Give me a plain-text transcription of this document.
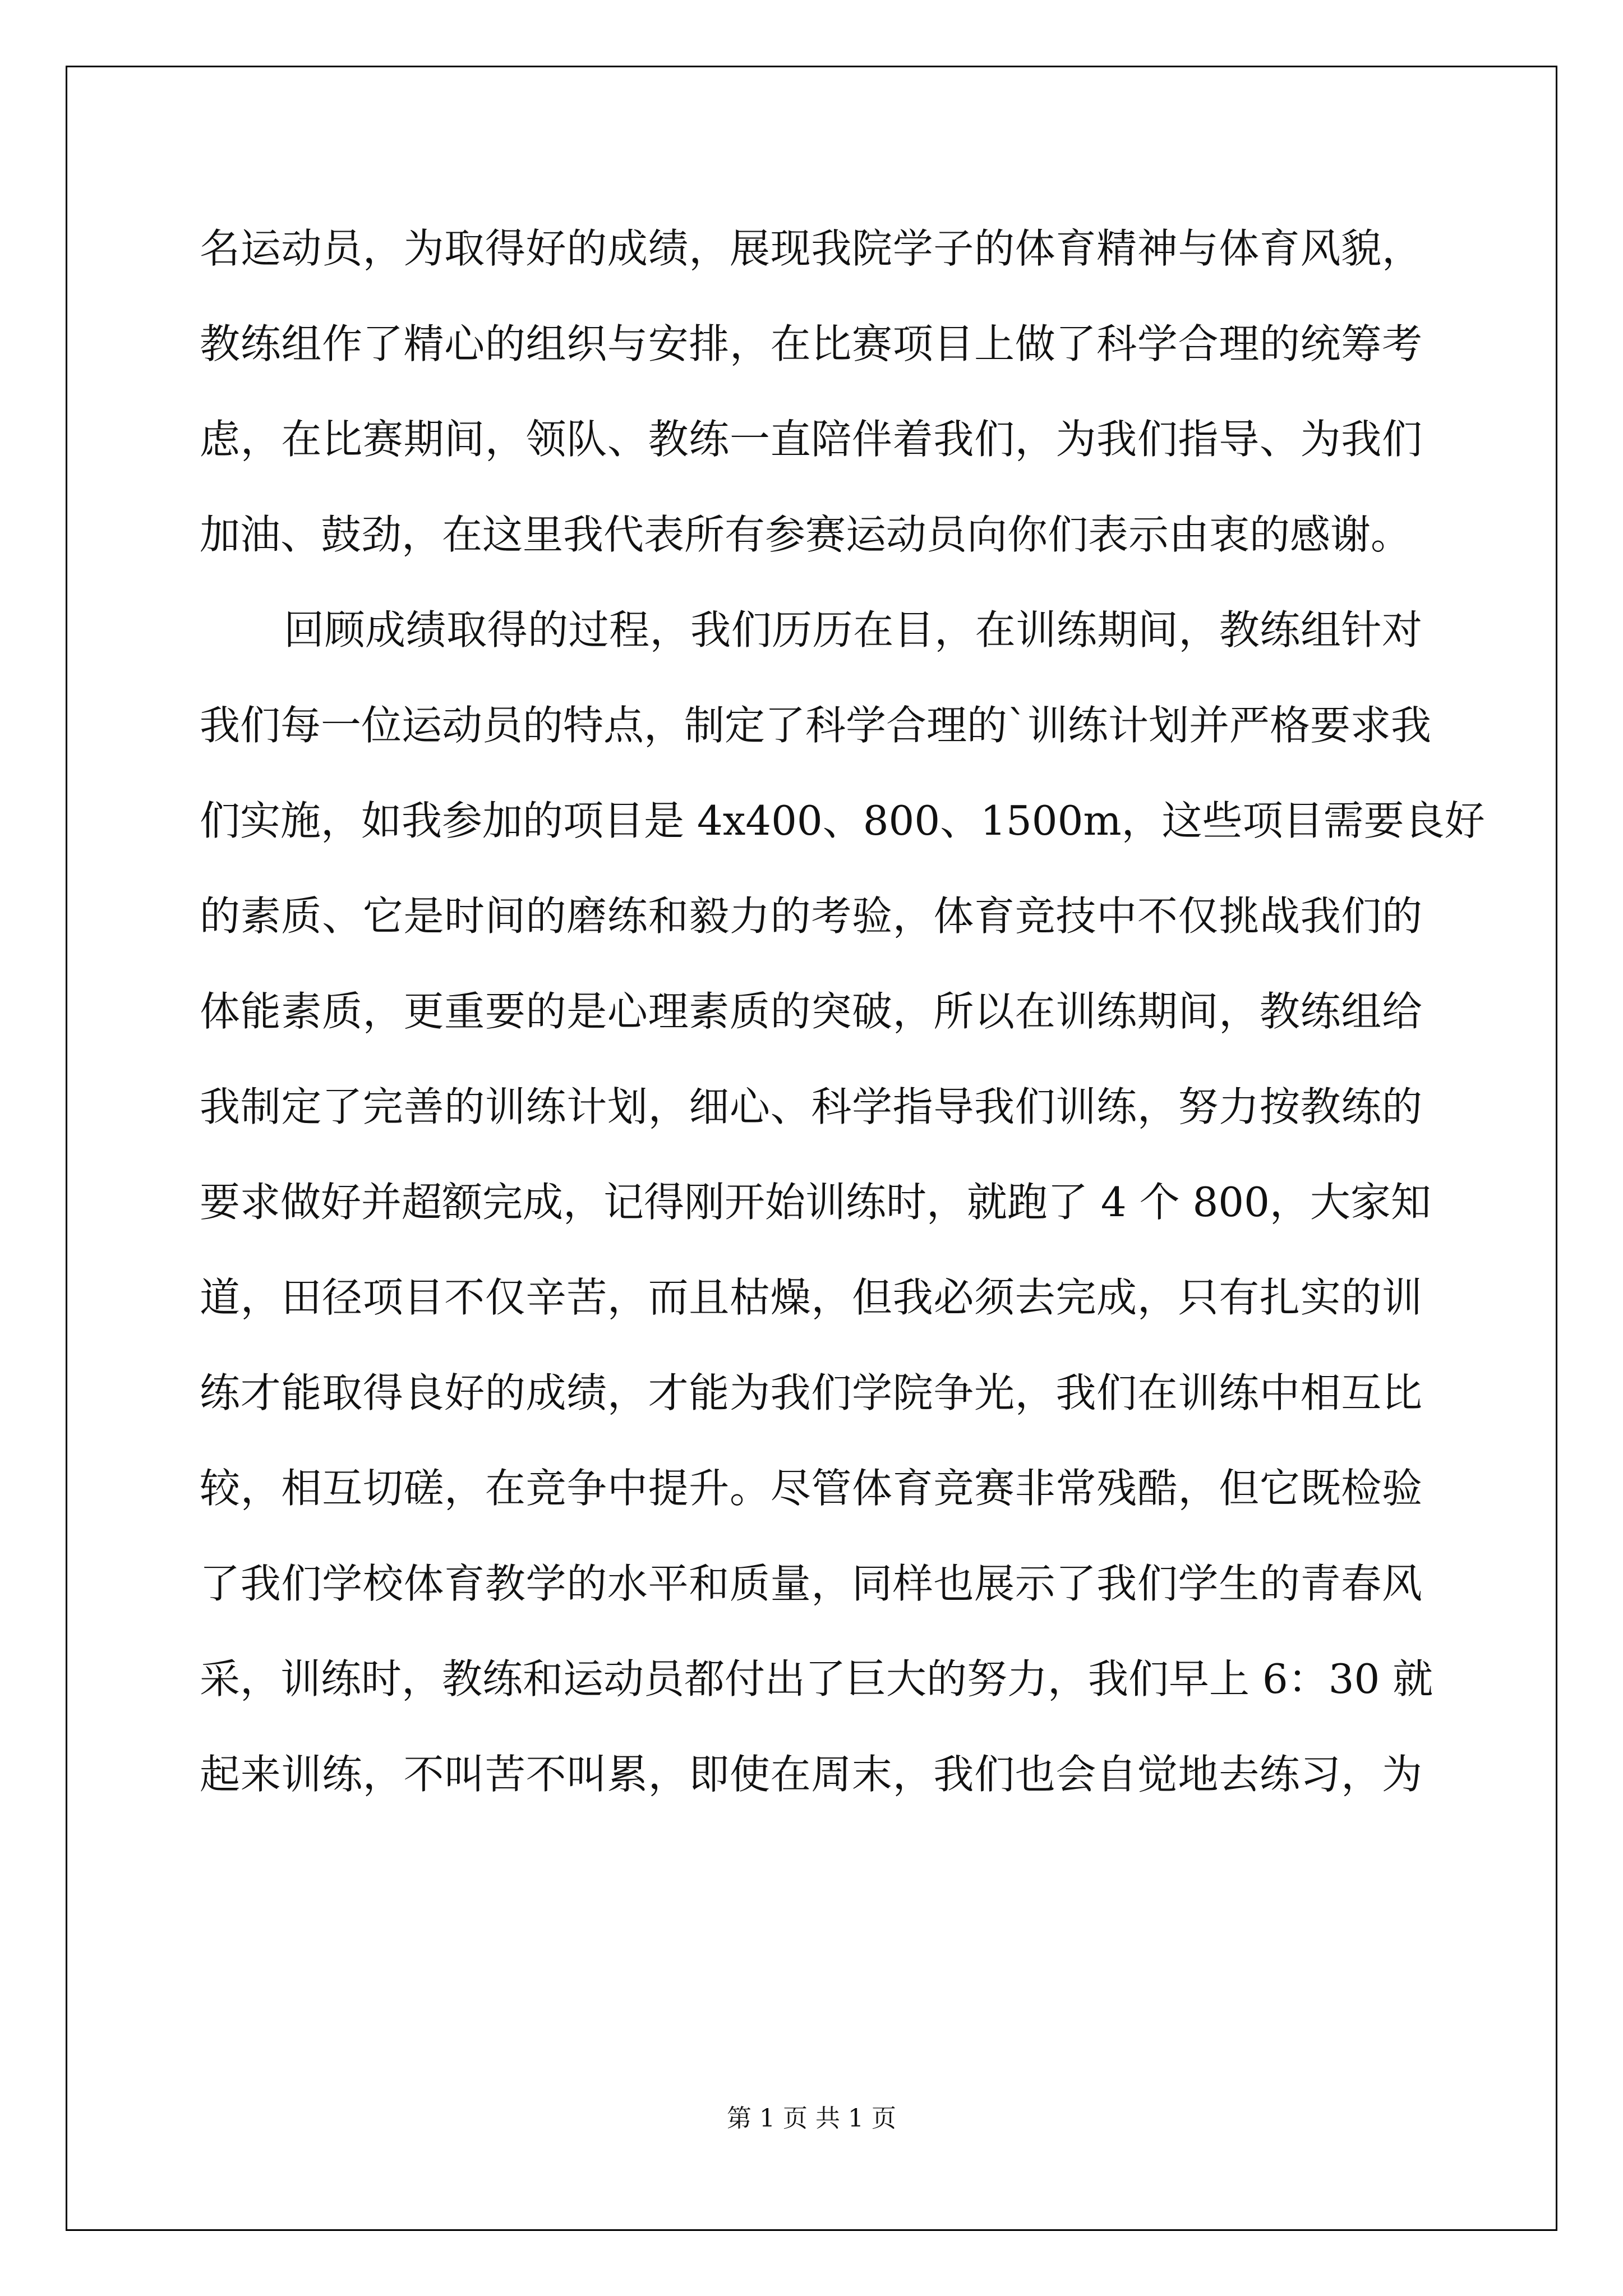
名运动员，为取得好的成绩，展现我院学子的体育精神与体育风貌，
教练组作了精心的组织与安排，在比赛项目上做了科学合理的统筹考
虑，在比赛期间，领队、教练一直陪伴着我们，为我们指导、为我们
加油、鼓劲，在这里我代表所有参赛运动员向你们表示由衷的感谢。
回顾成绩取得的过程，我们历历在目，在训练期间，教练组针对
我们每一位运动员的特点，制定了科学合理的`训练计划并严格要求我
们实施，如我参加的项目是 4x400、800、1500m，这些项目需要良好
的素质、它是时间的磨练和毅力的考验，体育竞技中不仅挑战我们的
体能素质，更重要的是心理素质的突破，所以在训练期间，教练组给
我制定了完善的训练计划，细心、科学指导我们训练，努力按教练的
要求做好并超额完成，记得刚开始训练时，就跑了 4 个 800，大家知
道，田径项目不仅辛苦，而且枯燥，但我必须去完成，只有扎实的训
练才能取得良好的成绩，才能为我们学院争光，我们在训练中相互比
较，相互切磋，在竞争中提升。尽管体育竞赛非常残酷，但它既检验
了我们学校体育教学的水平和质量，同样也展示了我们学生的青春风
采，训练时，教练和运动员都付出了巨大的努力，我们早上 6：30 就
起来训练，不叫苦不叫累，即使在周末，我们也会自觉地去练习，为
第 1 页 共 1 页
